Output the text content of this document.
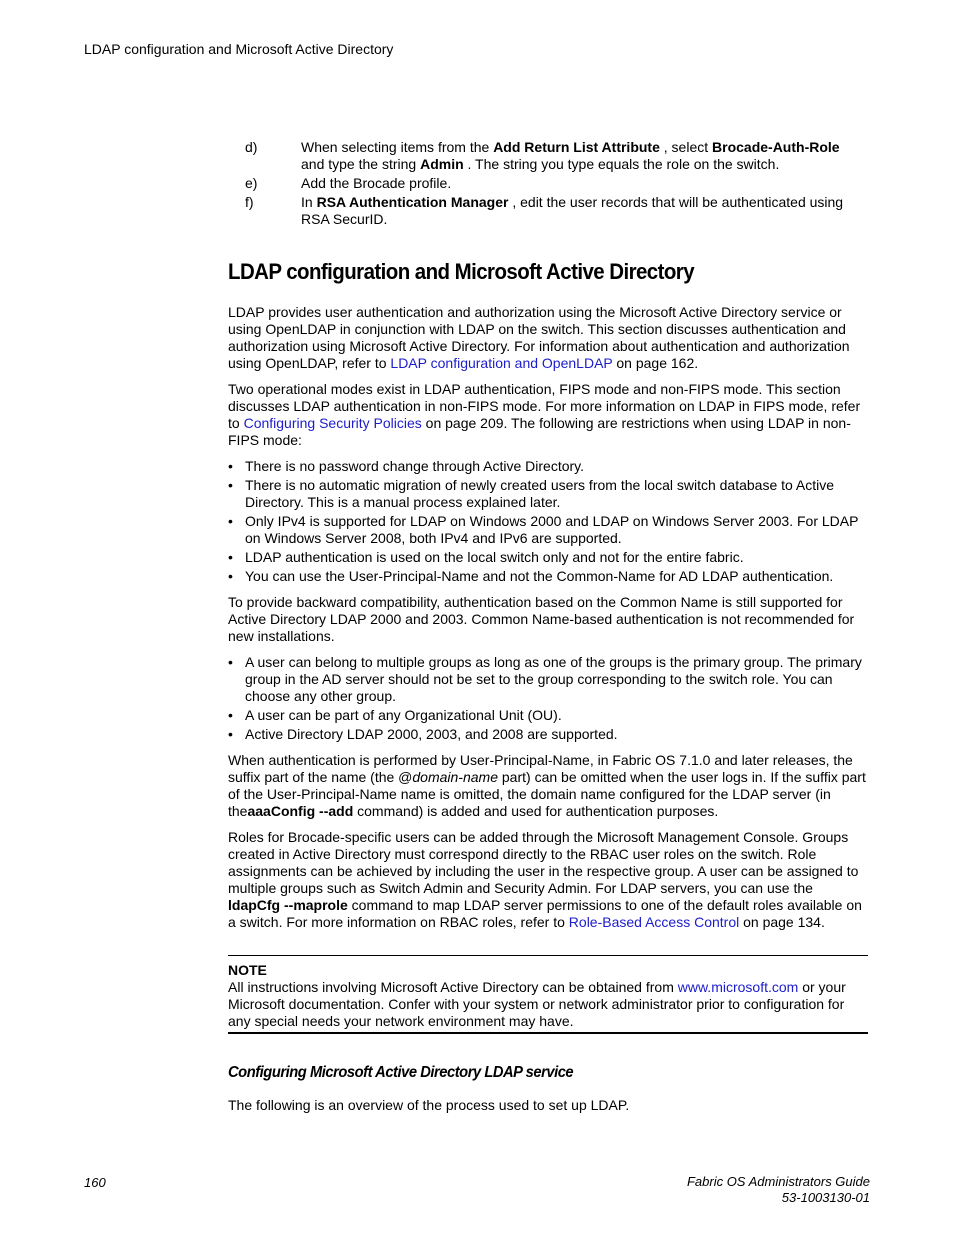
LDAP configuration and Microsoft Active Directory
d)	When selecting items from the Add Return List Attribute , select Brocade-Auth-Role and type the string Admin . The string you type equals the role on the switch.
e)	Add the Brocade profile.
f)	In RSA Authentication Manager , edit the user records that will be authenticated using RSA SecurID.
LDAP configuration and Microsoft Active Directory

LDAP provides user authentication and authorization using the Microsoft Active Directory service or using OpenLDAP in conjunction with LDAP on the switch. This section discusses authentication and authorization using Microsoft Active Directory. For information about authentication and authorization using OpenLDAP, refer to LDAP configuration and OpenLDAP on page 162.

Two operational modes exist in LDAP authentication, FIPS mode and non-FIPS mode. This section discusses LDAP authentication in non-FIPS mode. For more information on LDAP in FIPS mode, refer to Configuring Security Policies on page 209. The following are restrictions when using LDAP in non-FIPS mode:

• There is no password change through Active Directory.
• There is no automatic migration of newly created users from the local switch database to Active Directory. This is a manual process explained later.
• Only IPv4 is supported for LDAP on Windows 2000 and LDAP on Windows Server 2003. For LDAP on Windows Server 2008, both IPv4 and IPv6 are supported.
• LDAP authentication is used on the local switch only and not for the entire fabric.
• You can use the User-Principal-Name and not the Common-Name for AD LDAP authentication.

To provide backward compatibility, authentication based on the Common Name is still supported for Active Directory LDAP 2000 and 2003. Common Name-based authentication is not recommended for new installations.

• A user can belong to multiple groups as long as one of the groups is the primary group. The primary group in the AD server should not be set to the group corresponding to the switch role. You can choose any other group.
• A user can be part of any Organizational Unit (OU).
• Active Directory LDAP 2000, 2003, and 2008 are supported.

When authentication is performed by User-Principal-Name, in Fabric OS 7.1.0 and later releases, the suffix part of the name (the @domain-name part) can be omitted when the user logs in. If the suffix part of the User-Principal-Name name is omitted, the domain name configured for the LDAP server (in theaaaConfig --add command) is added and used for authentication purposes.

Roles for Brocade-specific users can be added through the Microsoft Management Console. Groups created in Active Directory must correspond directly to the RBAC user roles on the switch. Role assignments can be achieved by including the user in the respective group. A user can be assigned to multiple groups such as Switch Admin and Security Admin. For LDAP servers, you can use the ldapCfg --maprole command to map LDAP server permissions to one of the default roles available on a switch. For more information on RBAC roles, refer to Role-Based Access Control on page 134.

NOTE
All instructions involving Microsoft Active Directory can be obtained from www.microsoft.com or your Microsoft documentation. Confer with your system or network administrator prior to configuration for any special needs your network environment may have.
Configuring Microsoft Active Directory LDAP service

The following is an overview of the process used to set up LDAP.

160	Fabric OS Administrators Guide
53-1003130-01
